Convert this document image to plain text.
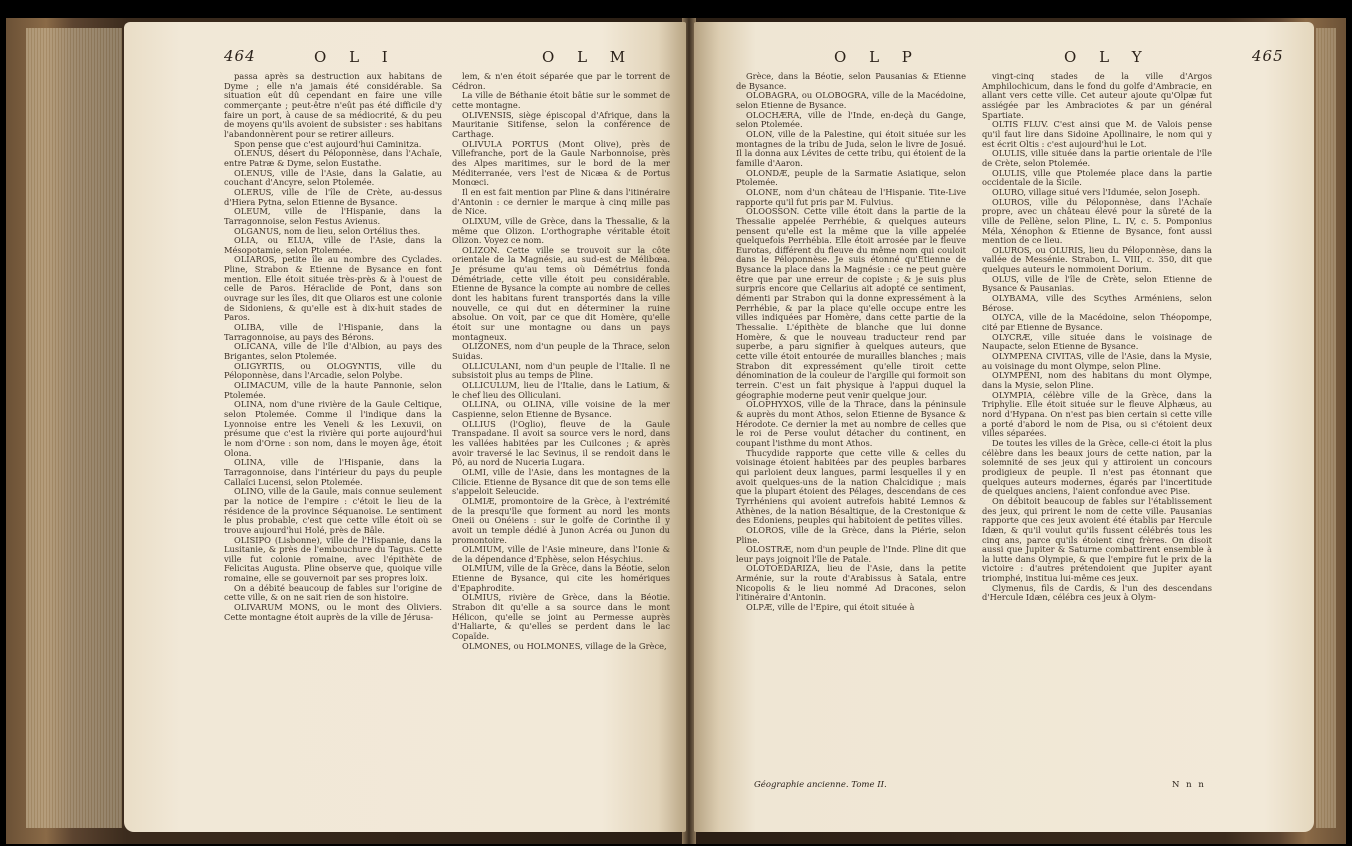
464	O L I	O L M

passa après sa destruction aux habitans de Dyme ; elle n'a jamais été considérable. Sa situation eût dû cependant en faire une ville commerçante ; peut-être n'eût pas été difficile d'y faire un port, à cause de sa médiocrité, & du peu de moyens qu'ils avoient de subsister : ses habitans l'abandonnèrent pour se retirer ailleurs.

Spon pense que c'est aujourd'hui Caminitza.

OLENUS, désert du Péloponnèse, dans l'Achaïe, entre Patræ & Dyme, selon Eustathe.

OLENUS, ville de l'Asie, dans la Galatie, au couchant d'Ancyre, selon Ptolemée.

OLERUS, ville de l'île de Crète, au-dessus d'Hiera Pytna, selon Etienne de Bysance.

OLEUM, ville de l'Hispanie, dans la Tarragonnoise, selon Festus Avienus.

OLGANUS, nom de lieu, selon Ortélius thes.

OLIA, ou ELUA, ville de l'Asie, dans la Mésopotamie, selon Ptolemée.

OLIAROS, petite île au nombre des Cyclades. Pline, Strabon & Etienne de Bysance en font mention. Elle étoit située très-près & à l'ouest de celle de Paros. Héraclide de Pont, dans son ouvrage sur les îles, dit que Oliaros est une colonie de Sidoniens, & qu'elle est à dix-huit stades de Paros.

OLIBA, ville de l'Hispanie, dans la Tarragonnoise, au pays des Bérons.

OLICANA, ville de l'île d'Albion, au pays des Brigantes, selon Ptolemée.

OLIGYRTIS, ou OLOGYNTIS, ville du Péloponnèse, dans l'Arcadie, selon Polybe.

OLIMACUM, ville de la haute Pannonie, selon Ptolemée.

OLINA, nom d'une rivière de la Gaule Celtique, selon Ptolemée. Comme il l'indique dans la Lyonnoise entre les Veneli & les Lexuvii, on présume que c'est la rivière qui porte aujourd'hui le nom d'Orne : son nom, dans le moyen âge, étoit Olona.

OLINA, ville de l'Hispanie, dans la Tarragonnoise, dans l'intérieur du pays du peuple Callaïci Lucensi, selon Ptolemée.

OLINO, ville de la Gaule, mais connue seulement par la notice de l'empire : c'étoit le lieu de la résidence de la province Séquanoise. Le sentiment le plus probable, c'est que cette ville étoit où se trouve aujourd'hui Holé, près de Bâle.

OLISIPO (Lisbonne), ville de l'Hispanie, dans la Lusitanie, & près de l'embouchure du Tagus. Cette ville fut colonie romaine, avec l'épithète de Felicitas Augusta. Pline observe que, quoique ville romaine, elle se gouvernoit par ses propres loix.

On a débité beaucoup de fables sur l'origine de cette ville, & on ne sait rien de son histoire.

OLIVARUM MONS, ou le mont des Oliviers. Cette montagne étoit auprès de la ville de Jérusa-

lem, & n'en étoit séparée que par le torrent de Cédron.

La ville de Béthanie étoit bâtie sur le sommet de cette montagne.

OLIVENSIS, siège épiscopal d'Afrique, dans la Mauritanie Sitifense, selon la conférence de Carthage.

OLIVULA PORTUS (Mont Olive), près de Villefranche, port de la Gaule Narbonnoise, près des Alpes maritimes, sur le bord de la mer Méditerranée, vers l'est de Nicæa & de Portus Monœci.

Il en est fait mention par Pline & dans l'itinéraire d'Antonin : ce dernier le marque à cinq mille pas de Nice.

OLIXUM, ville de Grèce, dans la Thessalie, & la même que Olizon. L'orthographe véritable étoit Olizon. Voyez ce nom.

OLIZON. Cette ville se trouvoit sur la côte orientale de la Magnésie, au sud-est de Mélibœa. Je présume qu'au tems où Démétrius fonda Démétriade, cette ville étoit peu considérable. Etienne de Bysance la compte au nombre de celles dont les habitans furent transportés dans la ville nouvelle, ce qui dut en déterminer la ruine absolue. On voit, par ce que dit Homère, qu'elle étoit sur une montagne ou dans un pays montagneux.

OLIZONES, nom d'un peuple de la Thrace, selon Suidas.

OLLICULANI, nom d'un peuple de l'Italie. Il ne subsistoit plus au temps de Pline.

OLLICULUM, lieu de l'Italie, dans le Latium, & le chef lieu des Olliculani.

OLLINA, ou OLINA, ville voisine de la mer Caspienne, selon Etienne de Bysance.

OLLIUS (l'Oglio), fleuve de la Gaule Transpadane. Il avoit sa source vers le nord, dans les vallées habitées par les Cuilcones ; & après avoir traversé le lac Sevinus, il se rendoit dans le Pô, au nord de Nuceria Lugara.

OLMI, ville de l'Asie, dans les montagnes de la Cilicie. Etienne de Bysance dit que de son tems elle s'appeloit Seleucide.

OLMIÆ, promontoire de la Grèce, à l'extrémité de la presqu'île que forment au nord les monts Oneii ou Onéiens : sur le golfe de Corinthe il y avoit un temple dédié à Junon Acréa ou Junon du promontoire.

OLMIUM, ville de l'Asie mineure, dans l'Ionie & de la dépendance d'Ephèse, selon Hésychius.

OLMIUM, ville de la Grèce, dans la Béotie, selon Etienne de Bysance, qui cite les homériques d'Epaphrodite.

OLMIUS, rivière de Grèce, dans la Béotie. Strabon dit qu'elle a sa source dans le mont Hélicon, qu'elle se joint au Permesse auprès d'Haliarte, & qu'elles se perdent dans le lac Copaïde.

OLMONES, ou HOLMONES, village de la Grèce,

O L P	O L Y	465

Grèce, dans la Béotie, selon Pausanias & Etienne de Bysance.

OLOBAGRA, ou OLOBOGRA, ville de la Macédoine, selon Etienne de Bysance.

OLOCHÆRA, ville de l'Inde, en-deçà du Gange, selon Ptolemée.

OLON, ville de la Palestine, qui étoit située sur les montagnes de la tribu de Juda, selon le livre de Josué. Il la donna aux Lévites de cette tribu, qui étoient de la famille d'Aaron.

OLONDÆ, peuple de la Sarmatie Asiatique, selon Ptolemée.

OLONE, nom d'un château de l'Hispanie. Tite-Live rapporte qu'il fut pris par M. Fulvius.

OLOOSSON. Cette ville étoit dans la partie de la Thessalie appelée Perrhébie, & quelques auteurs pensent qu'elle est la même que la ville appelée quelquefois Perrhébia. Elle étoit arrosée par le fleuve Eurotas, différent du fleuve du même nom qui couloit dans le Péloponnèse. Je suis étonné qu'Etienne de Bysance la place dans la Magnésie : ce ne peut guère être que par une erreur de copiste ; & je suis plus surpris encore que Cellarius ait adopté ce sentiment, démenti par Strabon qui la donne expressément à la Perrhébie, & par la place qu'elle occupe entre les villes indiquées par Homère, dans cette partie de la Thessalie. L'épithète de blanche que lui donne Homère, & que le nouveau traducteur rend par superbe, a paru signifier à quelques auteurs, que cette ville étoit entourée de murailles blanches ; mais Strabon dit expressément qu'elle tiroit cette dénomination de la couleur de l'argille qui formoit son terrein. C'est un fait physique à l'appui duquel la géographie moderne peut venir quelque jour.

OLOPHYXOS, ville de la Thrace, dans la péninsule & auprès du mont Athos, selon Etienne de Bysance & Hérodote. Ce dernier la met au nombre de celles que le roi de Perse voulut détacher du continent, en coupant l'isthme du mont Athos.

Thucydide rapporte que cette ville & celles du voisinage étoient habitées par des peuples barbares qui parloient deux langues, parmi lesquelles il y en avoit quelques-uns de la nation Chalcidique ; mais que la plupart étoient des Pélages, descendans de ces Tyrrhéniens qui avoient autrefois habité Lemnos & Athènes, de la nation Bésaltique, de la Crestonique & des Edoniens, peuples qui habitoient de petites villes.

OLOROS, ville de la Grèce, dans la Piérie, selon Pline.

OLOSTRÆ, nom d'un peuple de l'Inde. Pline dit que leur pays joignoit l'île de Patale.

OLOTOEDARIZA, lieu de l'Asie, dans la petite Arménie, sur la route d'Arabissus à Satala, entre Nicopolis & le lieu nommé Ad Dracones, selon l'itinéraire d'Antonin.

OLPÆ, ville de l'Epire, qui étoit située à

vingt-cinq stades de la ville d'Argos Amphilochicum, dans le fond du golfe d'Ambracie, en allant vers cette ville. Cet auteur ajoute qu'Olpæ fut assiégée par les Ambraciotes & par un général Spartiate.

OLTIS FLUV. C'est ainsi que M. de Valois pense qu'il faut lire dans Sidoine Apollinaire, le nom qui y est écrit Oltis : c'est aujourd'hui le Lot.

OLULIS, ville située dans la partie orientale de l'île de Crète, selon Ptolemée.

OLULIS, ville que Ptolemée place dans la partie occidentale de la Sicile.

OLURO, village situé vers l'Idumée, selon Joseph.

OLUROS, ville du Péloponnèse, dans l'Achaïe propre, avec un château élevé pour la sûreté de la ville de Pellène, selon Pline, L. IV, c. 5. Pomponius Méla, Xénophon & Etienne de Bysance, font aussi mention de ce lieu.

OLUROS, ou OLURIS, lieu du Péloponnèse, dans la vallée de Messénie. Strabon, L. VIII, c. 350, dit que quelques auteurs le nommoient Dorium.

OLUS, ville de l'île de Crète, selon Etienne de Bysance & Pausanias.

OLYBAMA, ville des Scythes Arméniens, selon Bérose.

OLYCA, ville de la Macédoine, selon Théopompe, cité par Etienne de Bysance.

OLYCRÆ, ville située dans le voisinage de Naupacte, selon Etienne de Bysance.

OLYMPENA CIVITAS, ville de l'Asie, dans la Mysie, au voisinage du mont Olympe, selon Pline.

OLYMPENI, nom des habitans du mont Olympe, dans la Mysie, selon Pline.

OLYMPIA, célèbre ville de la Grèce, dans la Triphylie. Elle étoit située sur le fleuve Alphæus, au nord d'Hypana. On n'est pas bien certain si cette ville a porté d'abord le nom de Pisa, ou si c'étoient deux villes séparées.

De toutes les villes de la Grèce, celle-ci étoit la plus célèbre dans les beaux jours de cette nation, par la solemnité de ses jeux qui y attiroient un concours prodigieux de peuple. Il n'est pas étonnant que quelques auteurs modernes, égarés par l'incertitude de quelques anciens, l'aient confondue avec Pise.

On débitoit beaucoup de fables sur l'établissement des jeux, qui prirent le nom de cette ville. Pausanias rapporte que ces jeux avoient été établis par Hercule Idæn, & qu'il voulut qu'ils fussent célébrés tous les cinq ans, parce qu'ils étoient cinq frères. On disoit aussi que Jupiter & Saturne combattirent ensemble à la lutte dans Olympie, & que l'empire fut le prix de la victoire : d'autres prétendoient que Jupiter ayant triomphé, institua lui-même ces jeux.

Clymenus, fils de Cardis, & l'un des descendans d'Hercule Idæn, célébra ces jeux à Olym-

Géographie ancienne. Tome II.	N n n
